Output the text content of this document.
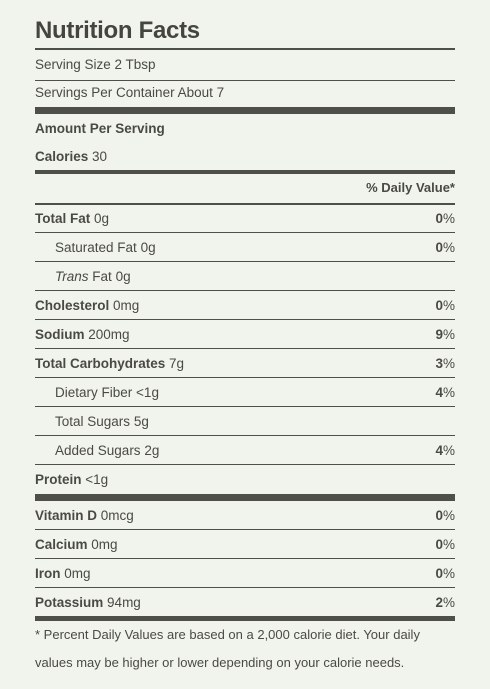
Nutrition Facts
Serving Size 2 Tbsp
Servings Per Container About 7
Amount Per Serving
Calories 30
% Daily Value*
Total Fat 0g	0%
Saturated Fat 0g	0%
Trans Fat 0g
Cholesterol 0mg	0%
Sodium 200mg	9%
Total Carbohydrates 7g	3%
Dietary Fiber <1g	4%
Total Sugars 5g
Added Sugars 2g	4%
Protein <1g
Vitamin D 0mcg	0%
Calcium 0mg	0%
Iron 0mg	0%
Potassium 94mg	2%
* Percent Daily Values are based on a 2,000 calorie diet. Your daily
values may be higher or lower depending on your calorie needs.
